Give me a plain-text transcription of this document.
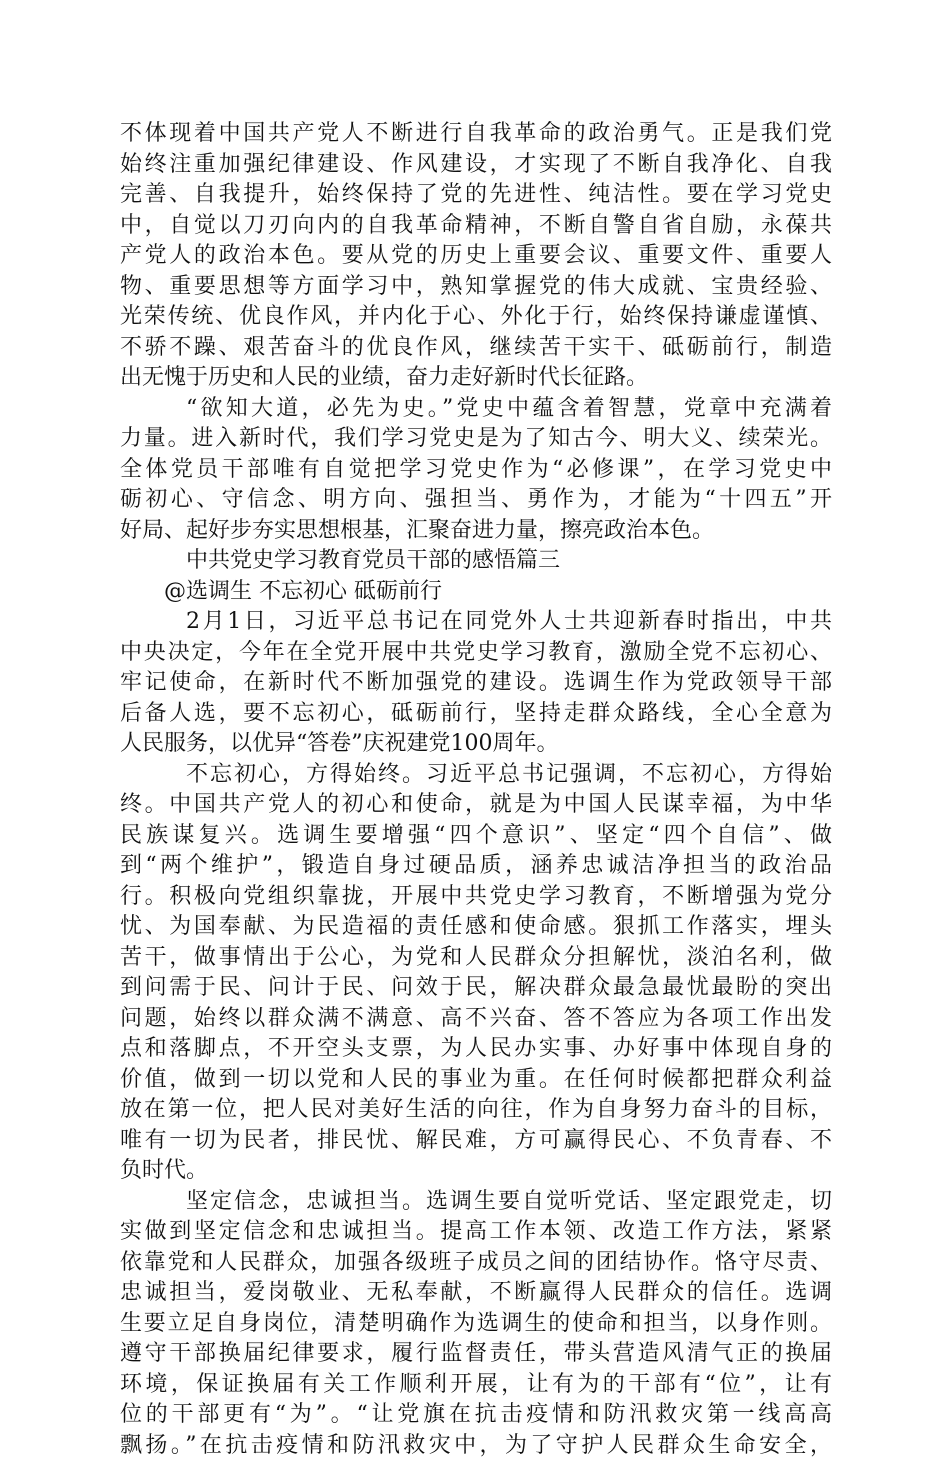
不体现着中国共产党人不断进行自我革命的政治勇气。正是我们党
始终注重加强纪律建设、作风建设，才实现了不断自我净化、自我
完善、自我提升，始终保持了党的先进性、纯洁性。要在学习党史
中，自觉以刀刃向内的自我革命精神，不断自警自省自励，永葆共
产党人的政治本色。要从党的历史上重要会议、重要文件、重要人
物、重要思想等方面学习中，熟知掌握党的伟大成就、宝贵经验、
光荣传统、优良作风，并内化于心、外化于行，始终保持谦虚谨慎、
不骄不躁、艰苦奋斗的优良作风，继续苦干实干、砥砺前行，制造
出无愧于历史和人民的业绩，奋力走好新时代长征路。
“欲知大道，必先为史。”党史中蕴含着智慧，党章中充满着
力量。进入新时代，我们学习党史是为了知古今、明大义、续荣光。
全体党员干部唯有自觉把学习党史作为“必修课”，在学习党史中
砺初心、守信念、明方向、强担当、勇作为，才能为“十四五”开
好局、起好步夯实思想根基，汇聚奋进力量，擦亮政治本色。
中共党史学习教育党员干部的感悟篇三
@选调生 不忘初心 砥砺前行
2月1日，习近平总书记在同党外人士共迎新春时指出，中共
中央决定，今年在全党开展中共党史学习教育，激励全党不忘初心、
牢记使命，在新时代不断加强党的建设。选调生作为党政领导干部
后备人选，要不忘初心，砥砺前行，坚持走群众路线，全心全意为
人民服务，以优异“答卷”庆祝建党100周年。
不忘初心，方得始终。习近平总书记强调，不忘初心，方得始
终。中国共产党人的初心和使命，就是为中国人民谋幸福，为中华
民族谋复兴。选调生要增强“四个意识”、坚定“四个自信”、做
到“两个维护”，锻造自身过硬品质，涵养忠诚洁净担当的政治品
行。积极向党组织靠拢，开展中共党史学习教育，不断增强为党分
忧、为国奉献、为民造福的责任感和使命感。狠抓工作落实，埋头
苦干，做事情出于公心，为党和人民群众分担解忧，淡泊名利，做
到问需于民、问计于民、问效于民，解决群众最急最忧最盼的突出
问题，始终以群众满不满意、高不兴奋、答不答应为各项工作出发
点和落脚点，不开空头支票，为人民办实事、办好事中体现自身的
价值，做到一切以党和人民的事业为重。在任何时候都把群众利益
放在第一位，把人民对美好生活的向往，作为自身努力奋斗的目标，
唯有一切为民者，排民忧、解民难，方可赢得民心、不负青春、不
负时代。
坚定信念，忠诚担当。选调生要自觉听党话、坚定跟党走，切
实做到坚定信念和忠诚担当。提高工作本领、改造工作方法，紧紧
依靠党和人民群众，加强各级班子成员之间的团结协作。恪守尽责、
忠诚担当，爱岗敬业、无私奉献，不断赢得人民群众的信任。选调
生要立足自身岗位，清楚明确作为选调生的使命和担当，以身作则。
遵守干部换届纪律要求，履行监督责任，带头营造风清气正的换届
环境，保证换届有关工作顺利开展，让有为的干部有“位”，让有
位的干部更有“为”。“让党旗在抗击疫情和防汛救灾第一线高高
飘扬。”在抗击疫情和防汛救灾中，为了守护人民群众生命安全，
